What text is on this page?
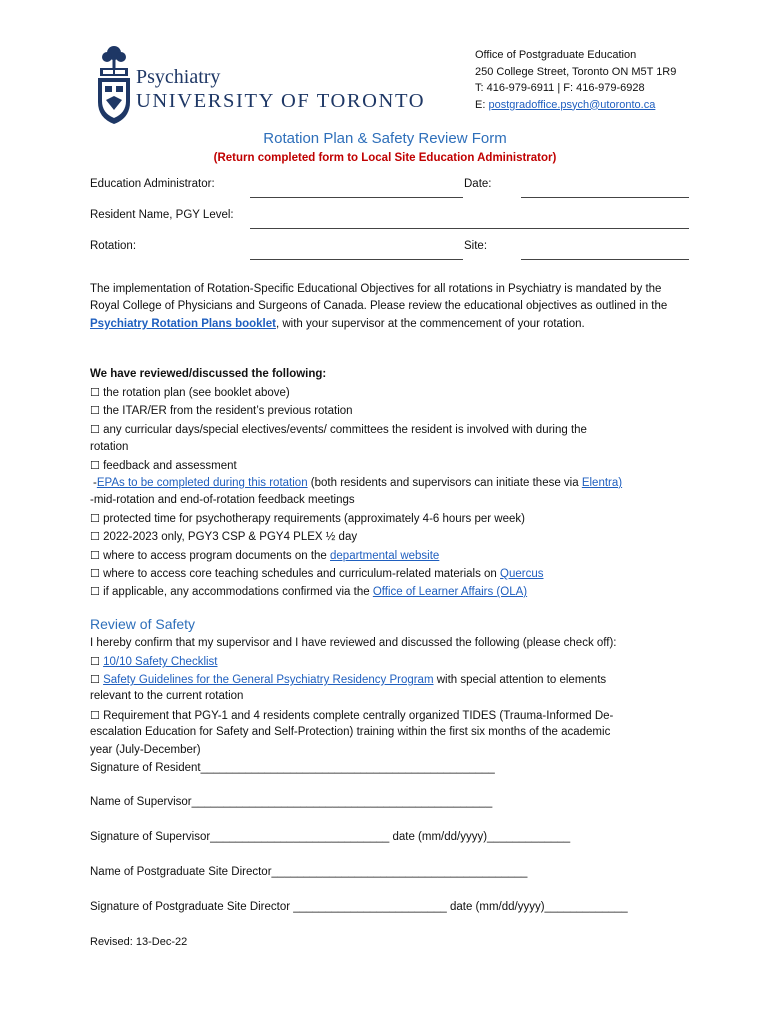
Psychiatry
UNIVERSITY OF TORONTO
Office of Postgraduate Education
250 College Street, Toronto ON M5T 1R9
T: 416-979-6911 | F: 416-979-6928
E: postgradoffice.psych@utoronto.ca
Rotation Plan & Safety Review Form
(Return completed form to Local Site Education Administrator)
Education Administrator:	Date:
Resident Name, PGY Level:
Rotation:	Site:
The implementation of Rotation-Specific Educational Objectives for all rotations in Psychiatry is mandated by the Royal College of Physicians and Surgeons of Canada. Please review the educational objectives as outlined in the Psychiatry Rotation Plans booklet, with your supervisor at the commencement of your rotation.
We have reviewed/discussed the following:
☐ the rotation plan (see booklet above)
☐ the ITAR/ER from the resident’s previous rotation
☐ any curricular days/special electives/events/ committees the resident is involved with during the
rotation
☐ feedback and assessment
-EPAs to be completed during this rotation (both residents and supervisors can initiate these via Elentra)
-mid-rotation and end-of-rotation feedback meetings
☐ protected time for psychotherapy requirements (approximately 4-6 hours per week)
☐ 2022-2023 only, PGY3 CSP & PGY4 PLEX ½ day
☐ where to access program documents on the departmental website
☐ where to access core teaching schedules and curriculum-related materials on Quercus
☐ if applicable, any accommodations confirmed via the Office of Learner Affairs (OLA)
Review of Safety
I hereby confirm that my supervisor and I have reviewed and discussed the following (please check off):
☐ 10/10 Safety Checklist
☐ Safety Guidelines for the General Psychiatry Residency Program with special attention to elements
relevant to the current rotation
☐ Requirement that PGY-1 and 4 residents complete centrally organized TIDES (Trauma-Informed De-
escalation Education for Safety and Self-Protection) training within the first six months of the academic
year (July-December)
Signature of Resident______________________________________________
Name of Supervisor_______________________________________________
Signature of Supervisor____________________________ date (mm/dd/yyyy)_____________
Name of Postgraduate Site Director________________________________________
Signature of Postgraduate Site Director ________________________ date (mm/dd/yyyy)_____________
Revised: 13-Dec-22
